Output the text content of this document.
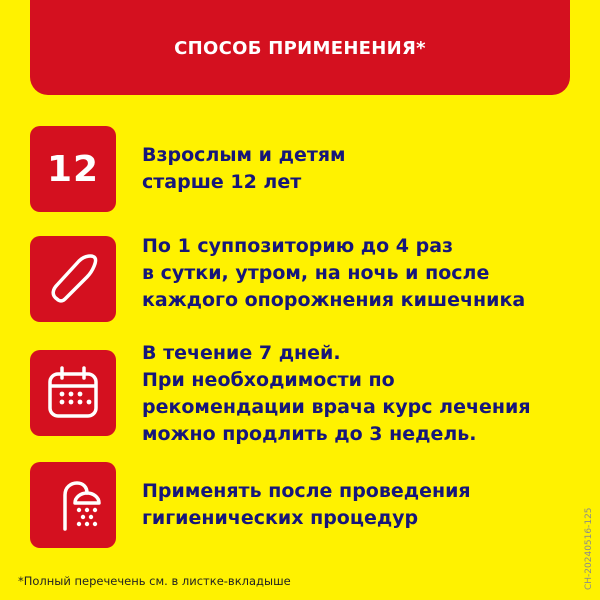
СПОСОБ ПРИМЕНЕНИЯ*
12 Взрослым и детям
старше 12 лет
По 1 суппозиторию до 4 раз
в сутки, утром, на ночь и после
каждого опорожнения кишечника
В течение 7 дней.
При необходимости по
рекомендации врача курс лечения
можно продлить до 3 недель.
Применять после проведения
гигиенических процедур
*Полный перечечень см. в листке-вкладыше	CH-20240516-125
